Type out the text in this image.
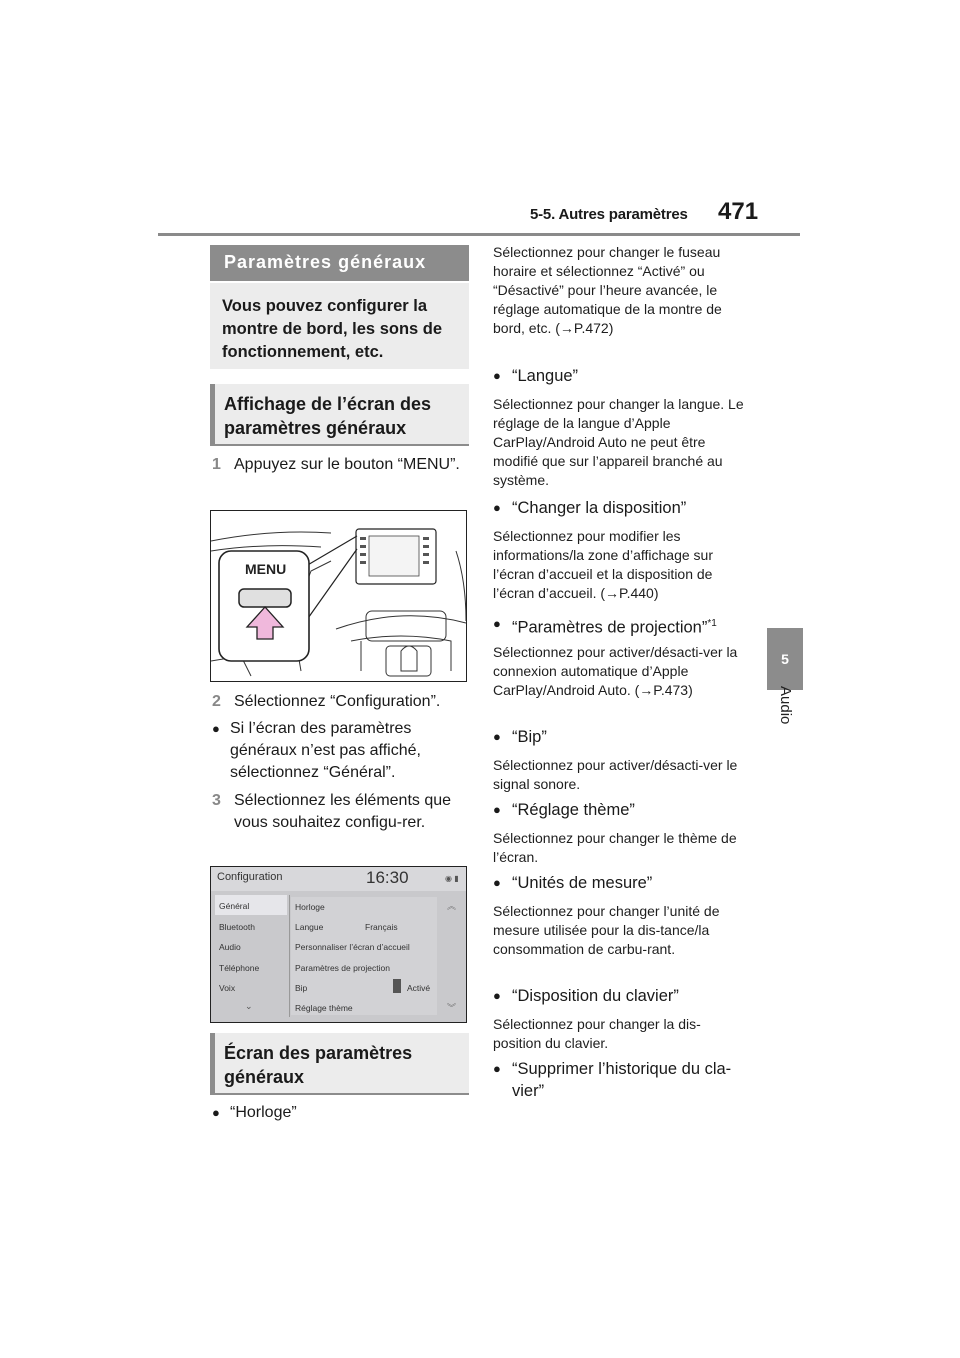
5-5. Autres paramètres 471
5
Audio
Paramètres généraux
Vous pouvez configurer la montre de bord, les sons de fonctionnement, etc.
Affichage de l’écran des paramètres généraux
1 Appuyez sur le bouton “MENU”.
MENU
2 Sélectionnez “Configuration”.
● Si l’écran des paramètres généraux n’est pas affiché, sélectionnez “Général”.
3 Sélectionnez les éléments que vous souhaitez configu-rer.
Configuration	16:30	◉ ▮
Général
Bluetooth
Audio
Téléphone
Voix
⌄
Horloge
Langue	Français
Personnaliser l’écran d’accueil
Paramètres de projection
Bip	Activé
Réglage thème
︽
︾
Écran des paramètres généraux
● “Horloge”
Sélectionnez pour changer le fuseau horaire et sélectionnez “Activé” ou “Désactivé” pour l’heure avancée, le réglage automatique de la montre de bord, etc. (→P.472)
● “Langue”
Sélectionnez pour changer la langue. Le réglage de la langue d’Apple CarPlay/Android Auto ne peut être modifié que sur l’appareil branché au système.
● “Changer la disposition”
Sélectionnez pour modifier les informations/la zone d’affichage sur l’écran d’accueil et la disposition de l’écran d’accueil. (→P.440)
● “Paramètres de projection”$^{*1}$
Sélectionnez pour activer/désacti-ver la connexion automatique d’Apple CarPlay/Android Auto. (→P.473)
● “Bip”
Sélectionnez pour activer/désacti-ver le signal sonore.
● “Réglage thème”
Sélectionnez pour changer le thème de l’écran.
● “Unités de mesure”
Sélectionnez pour changer l’unité de mesure utilisée pour la dis-tance/la consommation de carbu-rant.
● “Disposition du clavier”
Sélectionnez pour changer la dis-position du clavier.
● “Supprimer l’historique du cla-vier”
